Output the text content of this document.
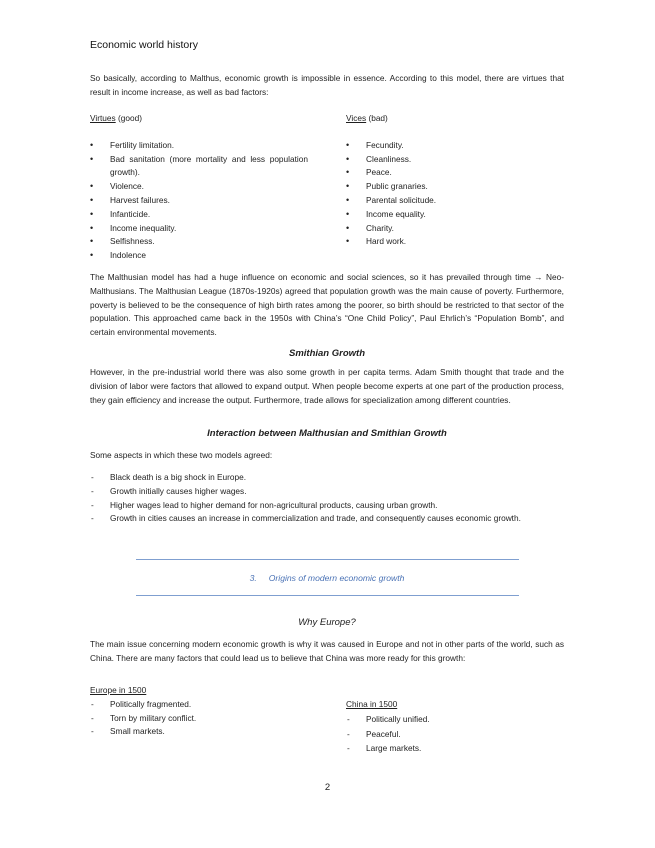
Economic world history

So basically, according to Malthus, economic growth is impossible in essence. According to this model, there are virtues that result in income increase, as well as bad factors:

Virtues (good)
• Fertility limitation.
• Bad sanitation (more mortality and less population growth).
• Violence.
• Harvest failures.
• Infanticide.
• Income inequality.
• Selfishness.
• Indolence
Vices (bad)
• Fecundity.
• Cleanliness.
• Peace.
• Public granaries.
• Parental solicitude.
• Income equality.
• Charity.
• Hard work.

The Malthusian model has had a huge influence on economic and social sciences, so it has prevailed through time → Neo-Malthusians. The Malthusian League (1870s-1920s) agreed that population growth was the main cause of poverty. Furthermore, poverty is believed to be the consequence of high birth rates among the poorer, so birth should be restricted to that sector of the population. This approached came back in the 1950s with China’s “One Child Policy”, Paul Ehrlich’s “Population Bomb”, and certain environmental movements.

Smithian Growth

However, in the pre-industrial world there was also some growth in per capita terms. Adam Smith thought that trade and the division of labor were factors that allowed to expand output. When people become experts at one part of the production process, they gain efficiency and increase the output. Furthermore, trade allows for specialization among different countries.

Interaction between Malthusian and Smithian Growth

Some aspects in which these two models agreed:

- Black death is a big shock in Europe.
- Growth initially causes higher wages.
- Higher wages lead to higher demand for non-agricultural products, causing urban growth.
- Growth in cities causes an increase in commercialization and trade, and consequently causes economic growth.
3. Origins of modern economic growth
Why Europe?

The main issue concerning modern economic growth is why it was caused in Europe and not in other parts of the world, such as China. There are many factors that could lead us to believe that China was more ready for this growth:

Europe in 1500
- Politically fragmented.
- Torn by military conflict.
- Small markets.
China in 1500
- Politically unified.
- Peaceful.
- Large markets.
2
